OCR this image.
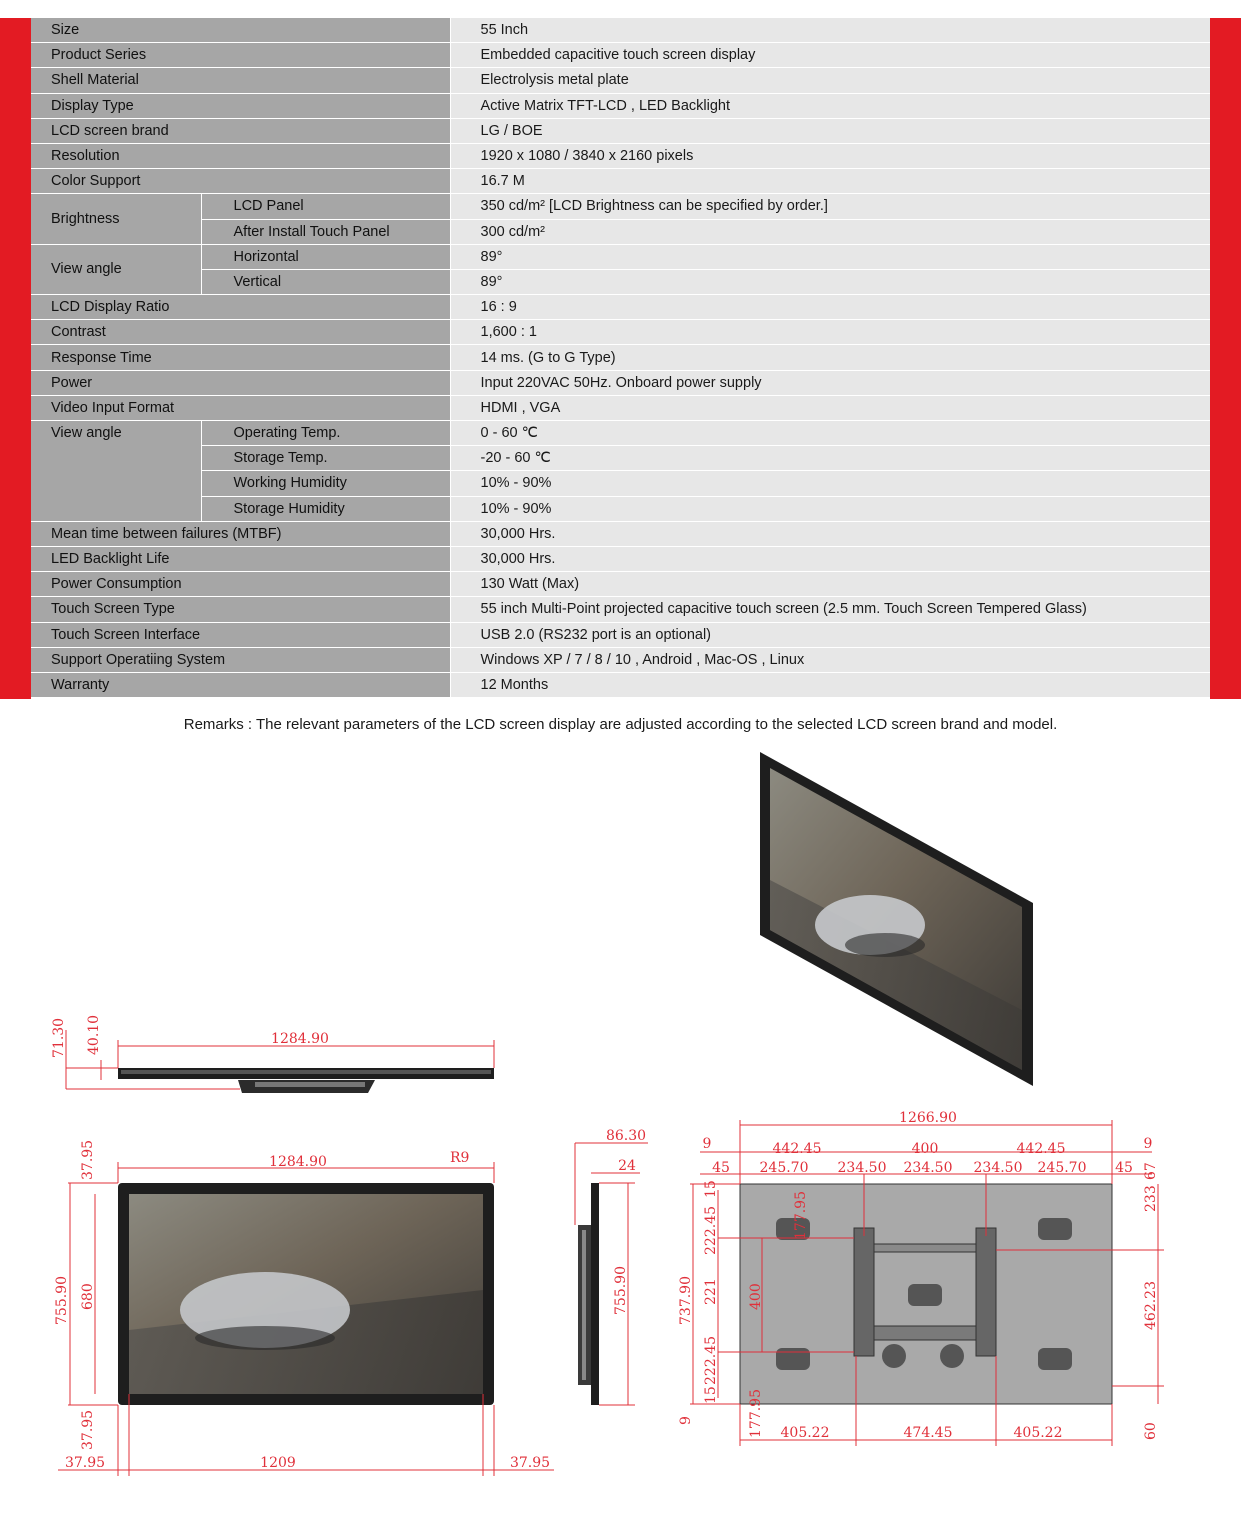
Size		55 Inch
Product Series		Embedded capacitive touch screen display
Shell Material		Electrolysis metal plate
Display Type		Active Matrix TFT-LCD , LED Backlight
LCD screen brand		LG / BOE
Resolution		1920 x 1080 / 3840 x 2160 pixels
Color Support		16.7 M
Brightness	LCD Panel	350 cd/m² [LCD Brightness can be specified by order.]
	After Install Touch Panel	300 cd/m²
View angle	Horizontal	89°
	Vertical	89°
LCD Display Ratio		16 : 9
Contrast		1,600 : 1
Response Time		14 ms. (G to G Type)
Power		Input 220VAC 50Hz. Onboard power supply
Video Input Format		HDMI , VGA
View angle	Operating Temp.	0 - 60 ℃
	Storage Temp.	-20 - 60 ℃
	Working Humidity	10% - 90%
	Storage Humidity	10% - 90%
Mean time between failures (MTBF)		30,000 Hrs.
LED Backlight Life		30,000 Hrs.
Power Consumption		130 Watt (Max)
Touch Screen Type		55 inch Multi-Point projected capacitive touch screen (2.5 mm. Touch Screen Tempered Glass)
Touch Screen Interface		USB 2.0 (RS232 port is an optional)
Support Operatiing System		Windows XP / 7 / 8 / 10 , Android , Mac-OS , Linux
Warranty		12 Months
Remarks : The relevant parameters of the LCD screen display are adjusted according to the selected LCD screen brand and model.
1284.90
71.30 40.10
1284.90	R9
755.90 680
37.95
37.95
37.95	1209	37.95
86.30
24
755.90
1266.90
9	442.45	400	442.45	9
45 245.70 234.50 234.50 234.50 245.70 45 67
233
462.23
60
737.90
222.45
221
222.45
15
15
9
400
177.95
177.95 405.22	474.45	405.22
